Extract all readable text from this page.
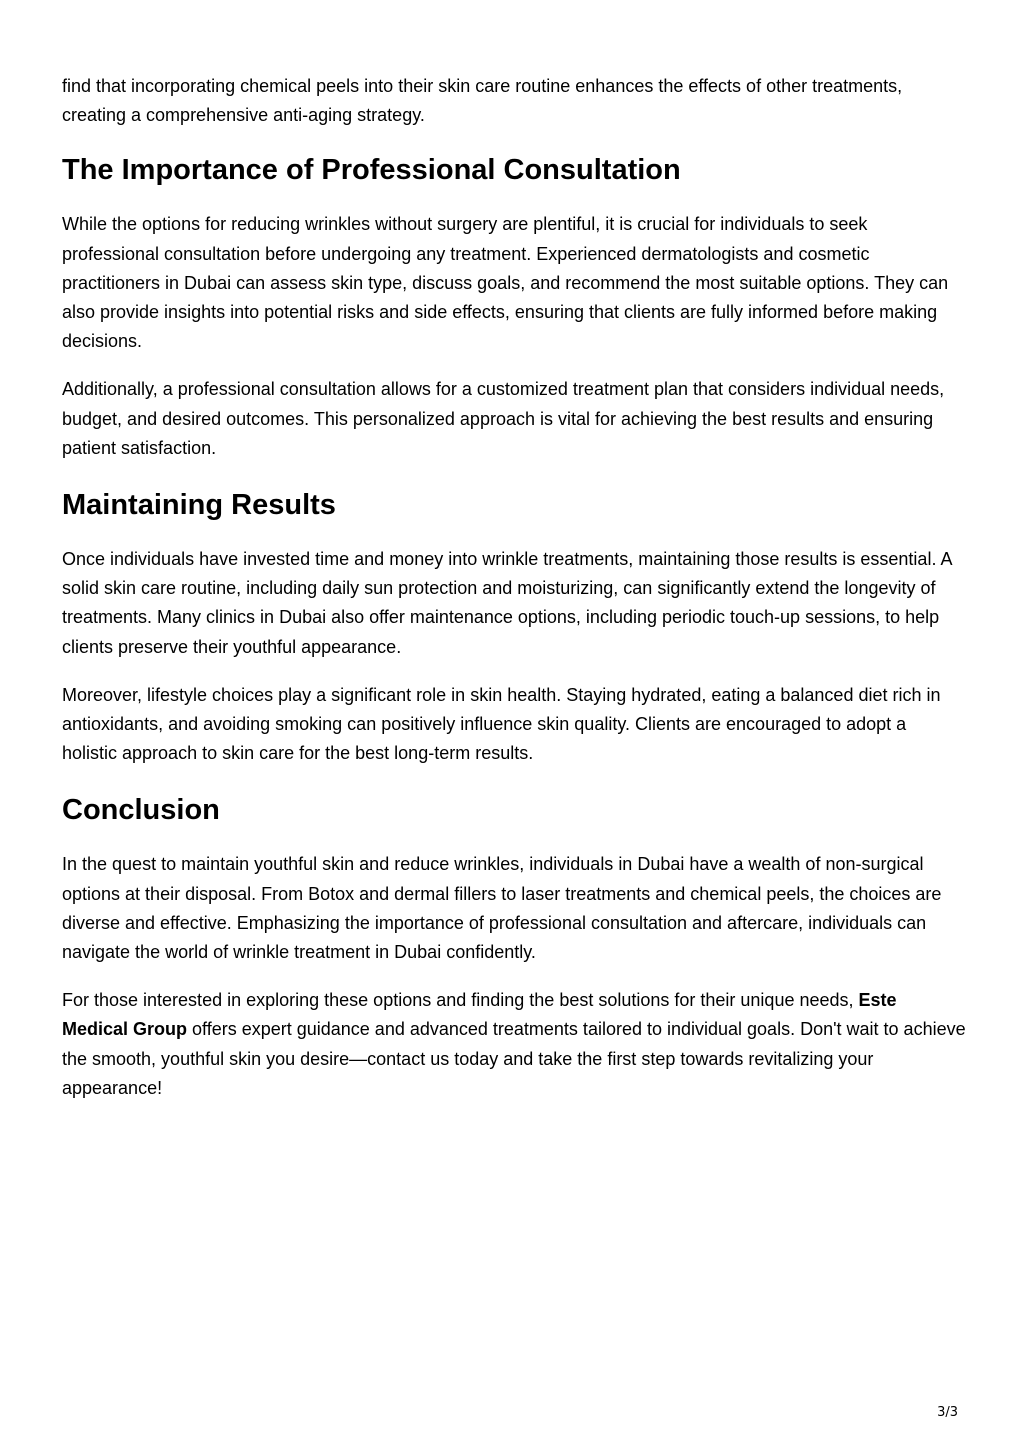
find that incorporating chemical peels into their skin care routine enhances the effects of other treatments, creating a comprehensive anti-aging strategy.

The Importance of Professional Consultation

While the options for reducing wrinkles without surgery are plentiful, it is crucial for individuals to seek professional consultation before undergoing any treatment. Experienced dermatologists and cosmetic practitioners in Dubai can assess skin type, discuss goals, and recommend the most suitable options. They can also provide insights into potential risks and side effects, ensuring that clients are fully informed before making decisions.

Additionally, a professional consultation allows for a customized treatment plan that considers individual needs, budget, and desired outcomes. This personalized approach is vital for achieving the best results and ensuring patient satisfaction.

Maintaining Results

Once individuals have invested time and money into wrinkle treatments, maintaining those results is essential. A solid skin care routine, including daily sun protection and moisturizing, can significantly extend the longevity of treatments. Many clinics in Dubai also offer maintenance options, including periodic touch-up sessions, to help clients preserve their youthful appearance.

Moreover, lifestyle choices play a significant role in skin health. Staying hydrated, eating a balanced diet rich in antioxidants, and avoiding smoking can positively influence skin quality. Clients are encouraged to adopt a holistic approach to skin care for the best long-term results.

Conclusion

In the quest to maintain youthful skin and reduce wrinkles, individuals in Dubai have a wealth of non-surgical options at their disposal. From Botox and dermal fillers to laser treatments and chemical peels, the choices are diverse and effective. Emphasizing the importance of professional consultation and aftercare, individuals can navigate the world of wrinkle treatment in Dubai confidently.

For those interested in exploring these options and finding the best solutions for their unique needs, Este Medical Group offers expert guidance and advanced treatments tailored to individual goals. Don't wait to achieve the smooth, youthful skin you desire—contact us today and take the first step towards revitalizing your appearance!

3/3
